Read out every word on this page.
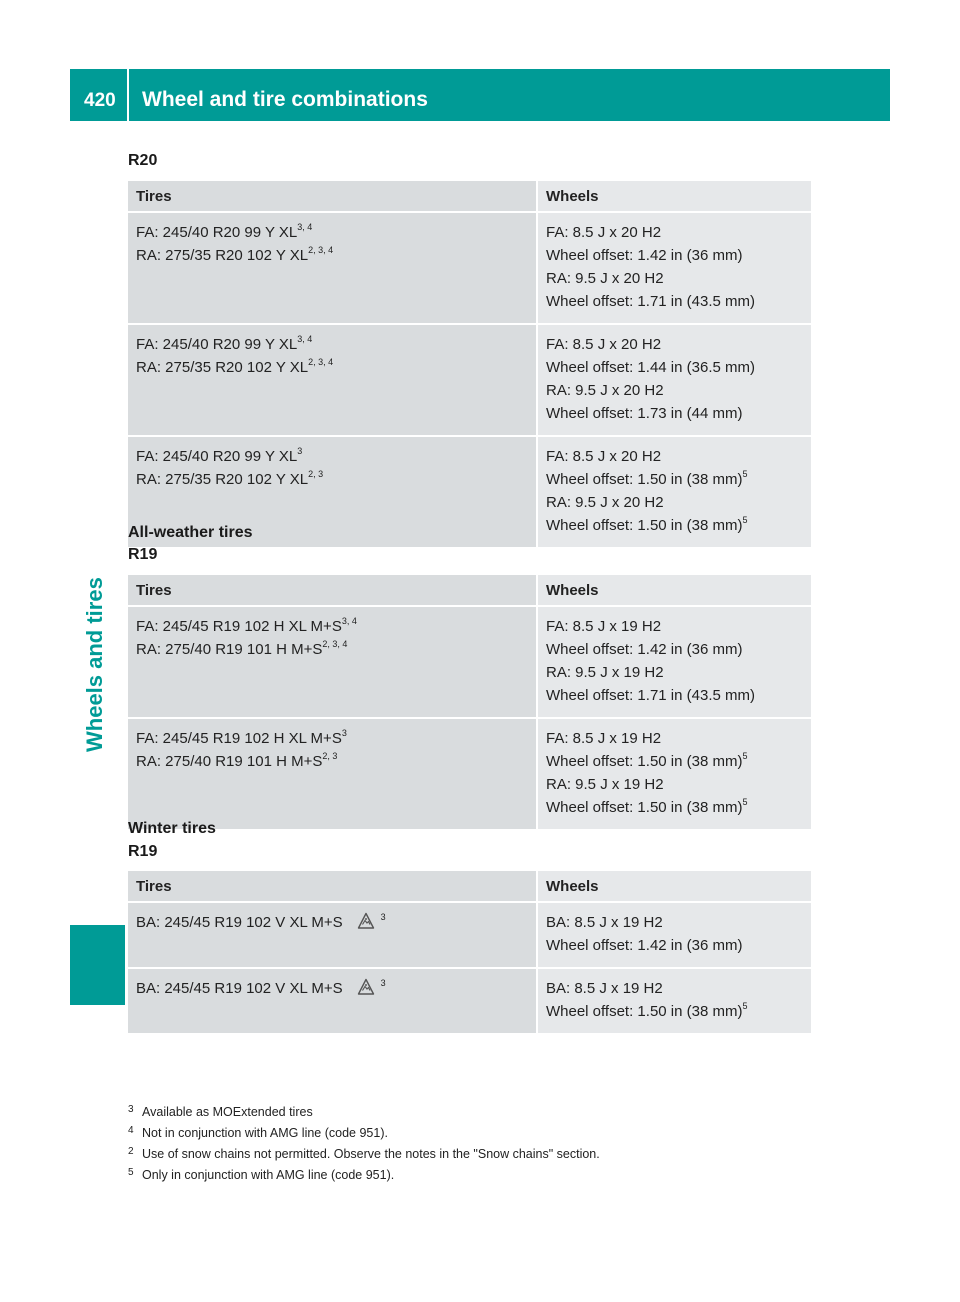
420 Wheel and tire combinations
Wheels and tires
R20
Tires	Wheels

FA: 245/40 R20 99 Y XL$^{3, 4}$
RA: 275/35 R20 102 Y XL$^{2, 3, 4}$	FA: 8.5 J x 20 H2
Wheel offset: 1.42 in (36 mm)
RA: 9.5 J x 20 H2
Wheel offset: 1.71 in (43.5 mm)

FA: 245/40 R20 99 Y XL$^{3, 4}$
RA: 275/35 R20 102 Y XL$^{2, 3, 4}$	FA: 8.5 J x 20 H2
Wheel offset: 1.44 in (36.5 mm)
RA: 9.5 J x 20 H2
Wheel offset: 1.73 in (44 mm)

FA: 245/40 R20 99 Y $XL^3$
RA: 275/35 R20 102 Y XL$^{2, 3}$	FA: 8.5 J x 20 H2
Wheel offset: 1.50 in (38 mm)$^5$
RA: 9.5 J x 20 H2
Wheel offset: 1.50 in (38 mm)$^5$
All-weather tires
R19
Tires	Wheels

FA: 245/45 R19 102 H XL $M+S^{3, 4}$
RA: 275/40 R19 101 H $M+S^{2, 3, 4}$	FA: 8.5 J x 19 H2
Wheel offset: 1.42 in (36 mm)
RA: 9.5 J x 19 H2
Wheel offset: 1.71 in (43.5 mm)

FA: 245/45 R19 102 H XL $M+S^3$
RA: 275/40 R19 101 H $M+S^{2, 3}$	FA: 8.5 J x 19 H2
Wheel offset: 1.50 in (38 mm)$^5$
RA: 9.5 J x 19 H2
Wheel offset: 1.50 in (38 mm)$^5$
Winter tires
R19
Tires	Wheels

BA: 245/45 R19 102 V XL M+S $^3$	BA: 8.5 J x 19 H2
Wheel offset: 1.42 in (36 mm)

BA: 245/45 R19 102 V XL M+S $^3$	BA: 8.5 J x 19 H2
Wheel offset: 1.50 in (38 mm)$^5$
3 Available as MOExtended tires
4 Not in conjunction with AMG line (code 951).
2 Use of snow chains not permitted. Observe the notes in the "Snow chains" section.
5 Only in conjunction with AMG line (code 951).
